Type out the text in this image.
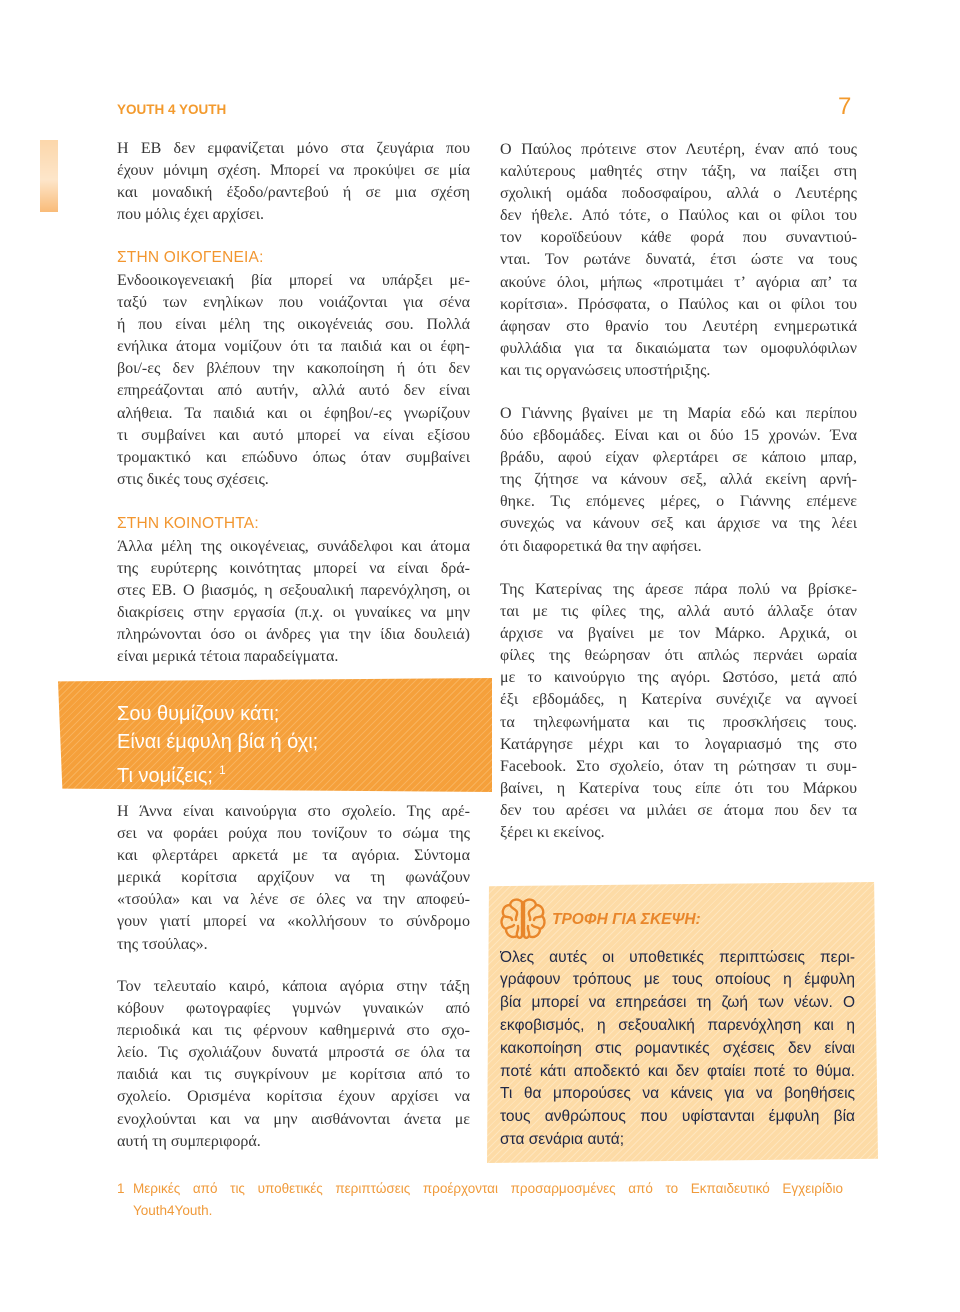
YOUTH 4 YOUTH	7
Η ΕΒ δεν εμφανίζεται μόνο στα ζευγάρια που
έχουν μόνιμη σχέση. Μπορεί να προκύψει σε μία
και μοναδική έξοδο/ραντεβού ή σε μια σχέση
που μόλις έχει αρχίσει.
ΣΤΗΝ ΟΙΚΟΓΕΝΕΙΑ:
Ενδοοικογενειακή βία μπορεί να υπάρξει με-
ταξύ των ενηλίκων που νοιάζονται για σένα
ή που είναι μέλη της οικογένειάς σου. Πολλά
ενήλικα άτομα νομίζουν ότι τα παιδιά και οι έφη-
βοι/-ες δεν βλέπουν την κακοποίηση ή ότι δεν
επηρεάζονται από αυτήν, αλλά αυτό δεν είναι
αλήθεια. Τα παιδιά και οι έφηβοι/-ες γνωρίζουν
τι συμβαίνει και αυτό μπορεί να είναι εξίσου
τρομακτικό και επώδυνο όπως όταν συμβαίνει
στις δικές τους σχέσεις.
ΣΤΗΝ ΚΟΙΝΟΤΗΤΑ:
Άλλα μέλη της οικογένειας, συνάδελφοι και άτομα
της ευρύτερης κοινότητας μπορεί να είναι δρά-
στες ΕΒ. Ο βιασμός, η σεξουαλική παρενόχληση, οι
διακρίσεις στην εργασία (π.χ. οι γυναίκες να μην
πληρώνονται όσο οι άνδρες για την ίδια δουλειά)
είναι μερικά τέτοια παραδείγματα.
Σου θυμίζουν κάτι;
Είναι έμφυλη βία ή όχι;
Τι νομίζεις; $^1$
Η Άννα είναι καινούργια στο σχολείο. Της αρέ-
σει να φοράει ρούχα που τονίζουν το σώμα της
και φλερτάρει αρκετά με τα αγόρια. Σύντομα
μερικά κορίτσια αρχίζουν να τη φωνάζουν
«τσούλα» και να λένε σε όλες να την αποφεύ-
γουν γιατί μπορεί να «κολλήσουν το σύνδρομο
της τσούλας».
Τον τελευταίο καιρό, κάποια αγόρια στην τάξη
κόβουν φωτογραφίες γυμνών γυναικών από
περιοδικά και τις φέρνουν καθημερινά στο σχο-
λείο. Τις σχολιάζουν δυνατά μπροστά σε όλα τα
παιδιά και τις συγκρίνουν με κορίτσια από το
σχολείο. Ορισμένα κορίτσια έχουν αρχίσει να
ενοχλούνται και να μην αισθάνονται άνετα με
αυτή τη συμπεριφορά.
Ο Παύλος πρότεινε στον Λευτέρη, έναν από τους
καλύτερους μαθητές στην τάξη, να παίξει στη
σχολική ομάδα ποδοσφαίρου, αλλά ο Λευτέρης
δεν ήθελε. Από τότε, ο Παύλος και οι φίλοι του
τον κοροϊδεύουν κάθε φορά που συναντιού-
νται. Τον ρωτάνε δυνατά, έτσι ώστε να τους
ακούνε όλοι, μήπως «προτιμάει τ’ αγόρια απ’ τα
κορίτσια». Πρόσφατα, ο Παύλος και οι φίλοι του
άφησαν στο θρανίο του Λευτέρη ενημερωτικά
φυλλάδια για τα δικαιώματα των ομοφυλόφιλων
και τις οργανώσεις υποστήριξης.
Ο Γιάννης βγαίνει με τη Μαρία εδώ και περίπου
δύο εβδομάδες. Είναι και οι δύο 15 χρονών. Ένα
βράδυ, αφού είχαν φλερτάρει σε κάποιο μπαρ,
της ζήτησε να κάνουν σεξ, αλλά εκείνη αρνή-
θηκε. Τις επόμενες μέρες, ο Γιάννης επέμενε
συνεχώς να κάνουν σεξ και άρχισε να της λέει
ότι διαφορετικά θα την αφήσει.
Της Κατερίνας της άρεσε πάρα πολύ να βρίσκε-
ται με τις φίλες της, αλλά αυτό άλλαξε όταν
άρχισε να βγαίνει με τον Μάρκο. Αρχικά, οι
φίλες της θεώρησαν ότι απλώς περνάει ωραία
με το καινούργιο της αγόρι. Ωστόσο, μετά από
έξι εβδομάδες, η Κατερίνα συνέχιζε να αγνοεί
τα τηλεφωνήματα και τις προσκλήσεις τους.
Κατάργησε μέχρι και το λογαριασμό της στο
Facebook. Στο σχολείο, όταν τη ρώτησαν τι συμ-
βαίνει, η Κατερίνα τους είπε ότι του Μάρκου
δεν του αρέσει να μιλάει σε άτομα που δεν τα
ξέρει κι εκείνος.
ΤΡΟΦΗ ΓΙΑ ΣΚΕΨΗ:
Όλες αυτές οι υποθετικές περιπτώσεις περι-
γράφουν τρόπους με τους οποίους η έμφυλη
βία μπορεί να επηρεάσει τη ζωή των νέων. Ο
εκφοβισμός, η σεξουαλική παρενόχληση και η
κακοποίηση στις ρομαντικές σχέσεις δεν είναι
ποτέ κάτι αποδεκτό και δεν φταίει ποτέ το θύμα.
Τι θα μπορούσες να κάνεις για να βοηθήσεις
τους ανθρώπους που υφίστανται έμφυλη βία
στα σενάρια αυτά;
1 Μερικές από τις υποθετικές περιπτώσεις προέρχονται προσαρμοσμένες από το Εκπαιδευτικό Εγχειρίδιο
Youth4Youth.
